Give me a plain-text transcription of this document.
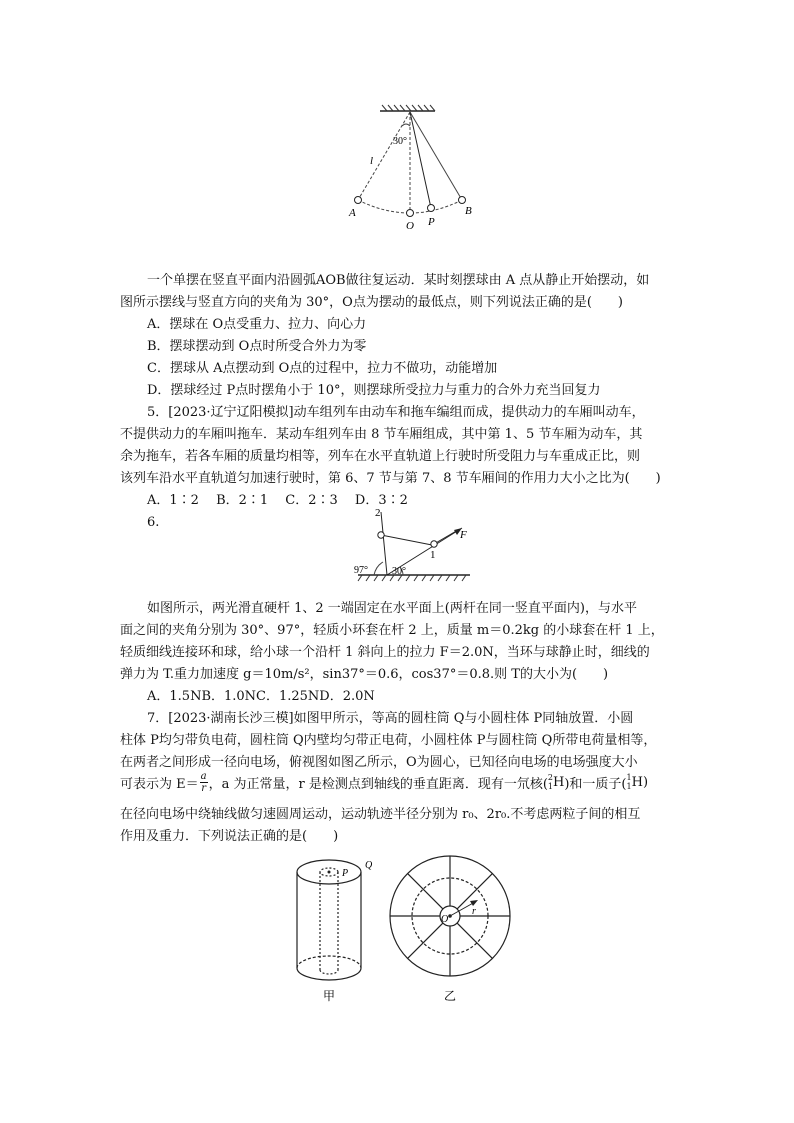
30°
l
A
O P
B
一个单摆在竖直平面内沿圆弧AOB做往复运动．某时刻摆球由 A 点从静止开始摆动，如
图所示摆线与竖直方向的夹角为 30°，O点为摆动的最低点，则下列说法正确的是(　　)
A．摆球在 O点受重力、拉力、向心力
B．摆球摆动到 O点时所受合外力为零
C．摆球从 A点摆动到 O点的过程中，拉力不做功，动能增加
D．摆球经过 P点时摆角小于 10°，则摆球所受拉力与重力的合外力充当回复力
5．[2023·辽宁辽阳模拟]动车组列车由动车和拖车编组而成，提供动力的车厢叫动车，
不提供动力的车厢叫拖车．某动车组列车由 8 节车厢组成，其中第 1、5 节车厢为动车，其
余为拖车，若各车厢的质量均相等，列车在水平直轨道上行驶时所受阻力与车重成正比，则
该列车沿水平直轨道匀加速行驶时，第 6、7 节与第 7、8 节车厢间的作用力大小之比为(　　)
A．1∶2　 B．2∶1　 C．2∶3　 D．3∶2
6.
2
1
F
97° 30°
如图所示，两光滑直硬杆 1、2 一端固定在水平面上(两杆在同一竖直平面内)，与水平
面之间的夹角分别为 30°、97°，轻质小环套在杆 2 上，质量 m＝0.2kg 的小球套在杆 1 上，
轻质细线连接环和球，给小球一个沿杆 1 斜向上的拉力 F＝2.0N，当环与球静止时，细线的
弹力为 T.重力加速度 g＝10m/s²，sin37°＝0.6，cos37°＝0.8.则 T的大小为(　　)
A．1.5NB．1.0NC．1.25ND．2.0N
7．[2023·湖南长沙三模]如图甲所示，等高的圆柱筒 Q与小圆柱体 P同轴放置．小圆
柱体 P均匀带负电荷，圆柱筒 Q内壁均匀带正电荷，小圆柱体 P与圆柱筒 Q所带电荷量相等，
在两者之间形成一径向电场，俯视图如图乙所示，O为圆心，已知径向电场的电场强度大小
可表示为 $E= \frac{a}{r}$ ，a 为正常量，r 是检测点到轴线的垂直距离．现有一氘核( 2
1 H )和一质子( 1
1 H )
在径向电场中绕轴线做匀速圆周运动，运动轨迹半径分别为 r₀、2r₀.不考虑两粒子间的相互
作用及重力．下列说法正确的是(　　)
P
Q
甲
O
r
乙
